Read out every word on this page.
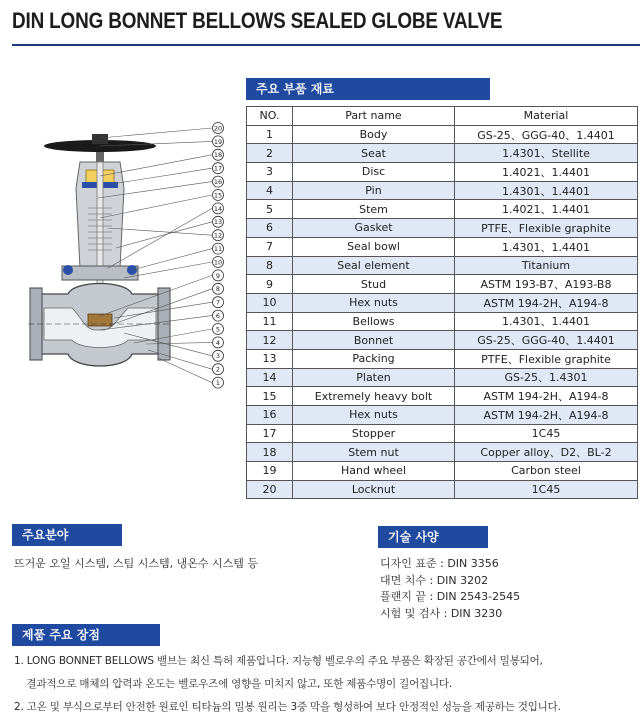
DIN LONG BONNET BELLOWS SEALED GLOBE VALVE
20
19
18
17
16
15
14
13
12
11
10
9
8
7
6
5
4
3
2
1
주요 부품 재료
NO.	Part name	Material
1	Body	GS-25、GGG-40、1.4401
2	Seat	1.4301、Stellite
3	Disc	1.4021、1.4401
4	Pin	1.4301、1.4401
5	Stem	1.4021、1.4401
6	Gasket	PTFE、Flexible graphite
7	Seal bowl	1.4301、1.4401
8	Seal element	Titanium
9	Stud	ASTM 193-B7、A193-B8
10	Hex nuts	ASTM 194-2H、A194-8
11	Bellows	1.4301、1.4401
12	Bonnet	GS-25、GGG-40、1.4401
13	Packing	PTFE、Flexible graphite
14	Platen	GS-25、1.4301
15	Extremely heavy bolt	ASTM 194-2H、A194-8
16	Hex nuts	ASTM 194-2H、A194-8
17	Stopper	1C45
18	Stem nut	Copper alloy、D2、BL-2
19	Hand wheel	Carbon steel
20	Locknut	1C45
주요분야
뜨거운 오일 시스템, 스팀 시스템, 냉온수 시스템 등
기술 사양
디자인 표준 : DIN 3356
대면 치수 : DIN 3202
플랜지 끝 : DIN 2543-2545
시험 및 검사 : DIN 3230
제품 주요 장점
1. LONG BONNET BELLOWS 밸브는 최신 특허 제품입니다. 지능형 벨로우의 주요 부품은 확장된 공간에서 밀봉되어,
결과적으로 매체의 압력과 온도는 벨로우즈에 영향을 미치지 않고, 또한 제품수명이 길어집니다.
2. 고온 및 부식으로부터 안전한 원료인 티타늄의 밀봉 원리는 3중 막을 형성하여 보다 안정적인 성능을 제공하는 것입니다.
